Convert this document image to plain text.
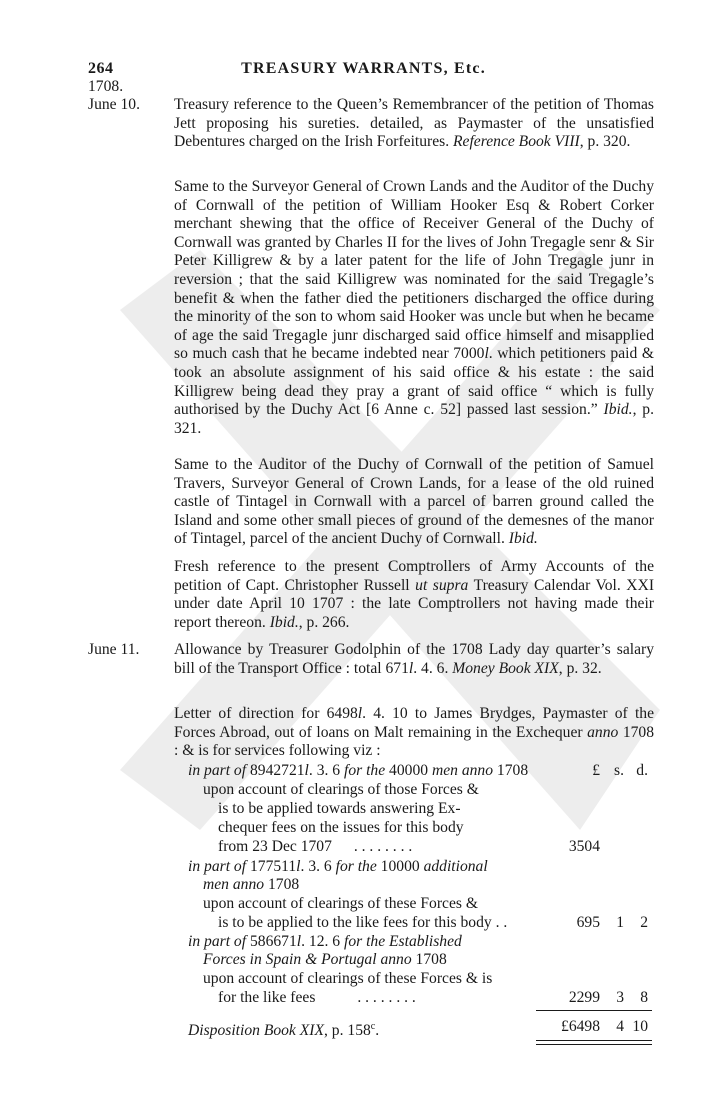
264	TREASURY WARRANTS, Etc.
1708.
June 10. Treasury reference to the Queen’s Remembrancer of the petition of Thomas Jett proposing his sureties. detailed, as Paymaster of the unsatisfied Debentures charged on the Irish Forfeitures. Reference Book VIII, p. 320.

Same to the Surveyor General of Crown Lands and the Auditor of the Duchy of Cornwall of the petition of William Hooker Esq & Robert Corker merchant shewing that the office of Receiver General of the Duchy of Cornwall was granted by Charles II for the lives of John Tregagle senr & Sir Peter Killigrew & by a later patent for the life of John Tregagle junr in reversion ; that the said Killigrew was nominated for the said Tregagle’s benefit & when the father died the petitioners discharged the office during the minority of the son to whom said Hooker was uncle but when he became of age the said Tregagle junr discharged said office himself and misapplied so much cash that he became indebted near 7000l. which petitioners paid & took an absolute assignment of his said office & his estate : the said Killigrew being dead they pray a grant of said office “ which is fully authorised by the Duchy Act [6 Anne c. 52] passed last session.” Ibid., p. 321.

Same to the Auditor of the Duchy of Cornwall of the petition of Samuel Travers, Surveyor General of Crown Lands, for a lease of the old ruined castle of Tintagel in Cornwall with a parcel of barren ground called the Island and some other small pieces of ground of the demesnes of the manor of Tintagel, parcel of the ancient Duchy of Cornwall. Ibid.

Fresh reference to the present Comptrollers of Army Accounts of the petition of Capt. Christopher Russell ut supra Treasury Calendar Vol. XXI under date April 10 1707 : the late Comptrollers not having made their report thereon. Ibid., p. 266.

June 11. Allowance by Treasurer Godolphin of the 1708 Lady day quarter’s salary bill of the Transport Office : total 671l. 4. 6. Money Book XIX, p. 32.

Letter of direction for 6498l. 4. 10 to James Brydges, Paymaster of the Forces Abroad, out of loans on Malt remaining in the Exchequer anno 1708 : & is for services following viz :

£ s. d.
in part of 8942721l. 3. 6 for the 40000 men anno 1708
upon account of clearings of those Forces &
is to be applied towards answering Ex-
chequer fees on the issues for this body
from 23 Dec 1707 . . . . . . . .	3504
in part of 177511l. 3. 6 for the 10000 additional
men anno 1708
upon account of clearings of these Forces &
is to be applied to the like fees for this body . .	695	1	2
in part of 586671l. 12. 6 for the Established
Forces in Spain & Portugal anno 1708
upon account of clearings of these Forces & is
for the like fees	. . . . . . . .	2299	3	8
Disposition Book XIX, p. 158$^c$.	£6498	4 10
